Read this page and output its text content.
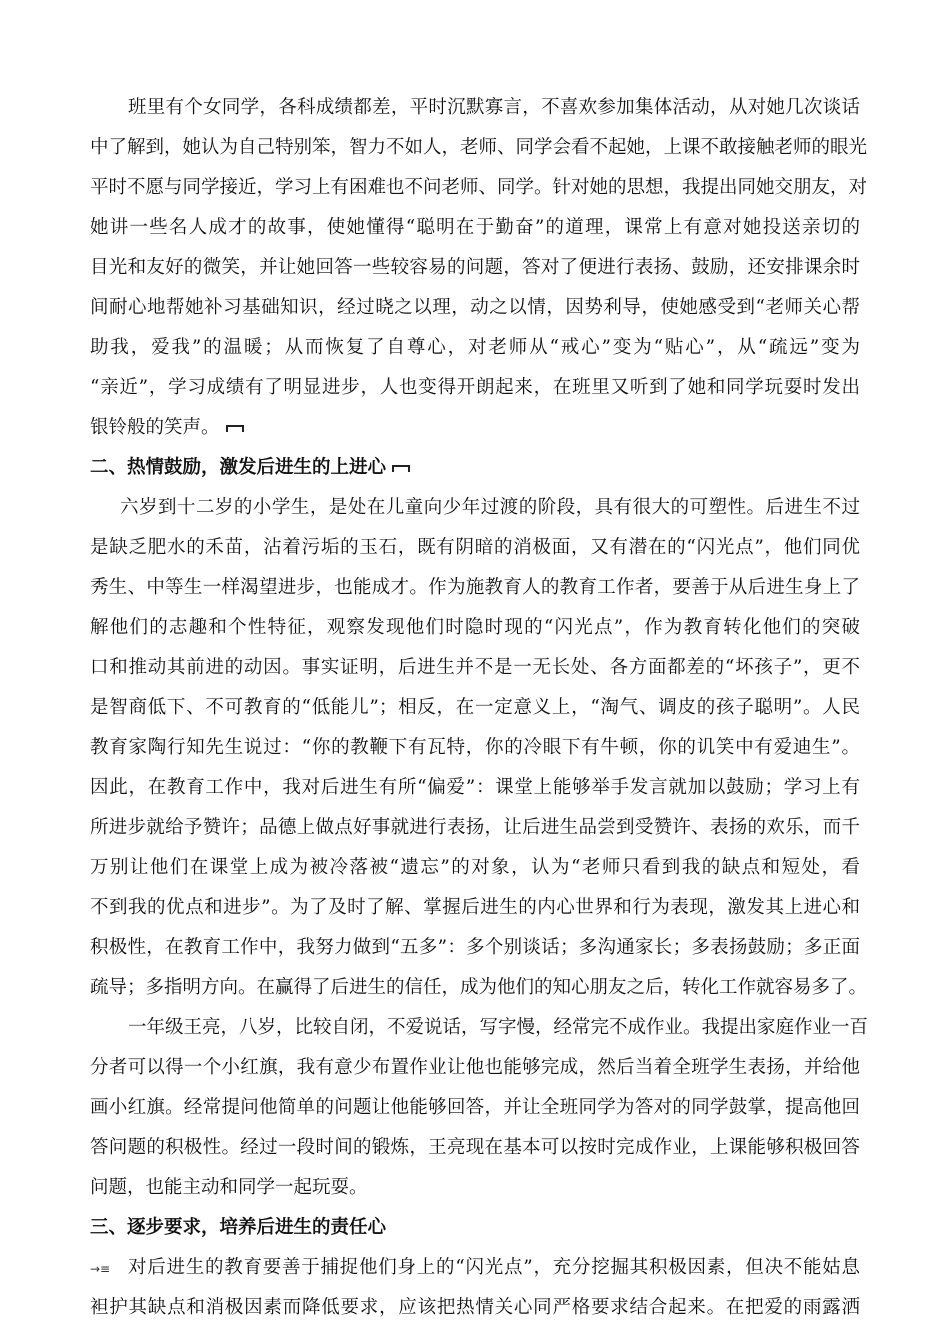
班里有个女同学，各科成绩都差，平时沉默寡言，不喜欢参加集体活动，从对她几次谈话
中了解到，她认为自己特别笨，智力不如人，老师、同学会看不起她，上课不敢接触老师的眼光
平时不愿与同学接近，学习上有困难也不问老师、同学。针对她的思想，我提出同她交朋友，对
她讲一些名人成才的故事，使她懂得“聪明在于勤奋”的道理，课常上有意对她投送亲切的
目光和友好的微笑，并让她回答一些较容易的问题，答对了便进行表扬、鼓励，还安排课余时
间耐心地帮她补习基础知识，经过晓之以理，动之以情，因势利导，使她感受到“老师关心帮
助我，爱我”的温暖；从而恢复了自尊心，对老师从“戒心”变为“贴心”，从“疏远”变为
“亲近”，学习成绩有了明显进步，人也变得开朗起来，在班里又听到了她和同学玩耍时发出
银铃般的笑声。
二、热情鼓励，激发后进生的上进心
六岁到十二岁的小学生，是处在儿童向少年过渡的阶段，具有很大的可塑性。后进生不过
是缺乏肥水的禾苗，沾着污垢的玉石，既有阴暗的消极面，又有潜在的“闪光点”，他们同优
秀生、中等生一样渴望进步，也能成才。作为施教育人的教育工作者，要善于从后进生身上了
解他们的志趣和个性特征，观察发现他们时隐时现的“闪光点”，作为教育转化他们的突破
口和推动其前进的动因。事实证明，后进生并不是一无长处、各方面都差的“坏孩子”，更不
是智商低下、不可教育的“低能儿”；相反，在一定意义上，“淘气、调皮的孩子聪明”。人民
教育家陶行知先生说过：“你的教鞭下有瓦特，你的冷眼下有牛顿，你的讥笑中有爱迪生”。
因此，在教育工作中，我对后进生有所“偏爱”：课堂上能够举手发言就加以鼓励；学习上有
所进步就给予赞许；品德上做点好事就进行表扬，让后进生品尝到受赞许、表扬的欢乐，而千
万别让他们在课堂上成为被冷落被“遗忘”的对象，认为“老师只看到我的缺点和短处，看
不到我的优点和进步”。为了及时了解、掌握后进生的内心世界和行为表现，激发其上进心和
积极性，在教育工作中，我努力做到“五多”：多个别谈话；多沟通家长；多表扬鼓励；多正面
疏导；多指明方向。在赢得了后进生的信任，成为他们的知心朋友之后，转化工作就容易多了。
一年级王亮，八岁，比较自闭，不爱说话，写字慢，经常完不成作业。我提出家庭作业一百
分者可以得一个小红旗，我有意少布置作业让他也能够完成，然后当着全班学生表扬，并给他
画小红旗。经常提问他简单的问题让他能够回答，并让全班同学为答对的同学鼓掌，提高他回
答问题的积极性。经过一段时间的锻炼，王亮现在基本可以按时完成作业，上课能够积极回答
问题，也能主动和同学一起玩耍。
三、逐步要求，培养后进生的责任心
→≡ 对后进生的教育要善于捕捉他们身上的“闪光点”，充分挖掘其积极因素，但决不能姑息
袒护其缺点和消极因素而降低要求，应该把热情关心同严格要求结合起来。在把爱的雨露洒
